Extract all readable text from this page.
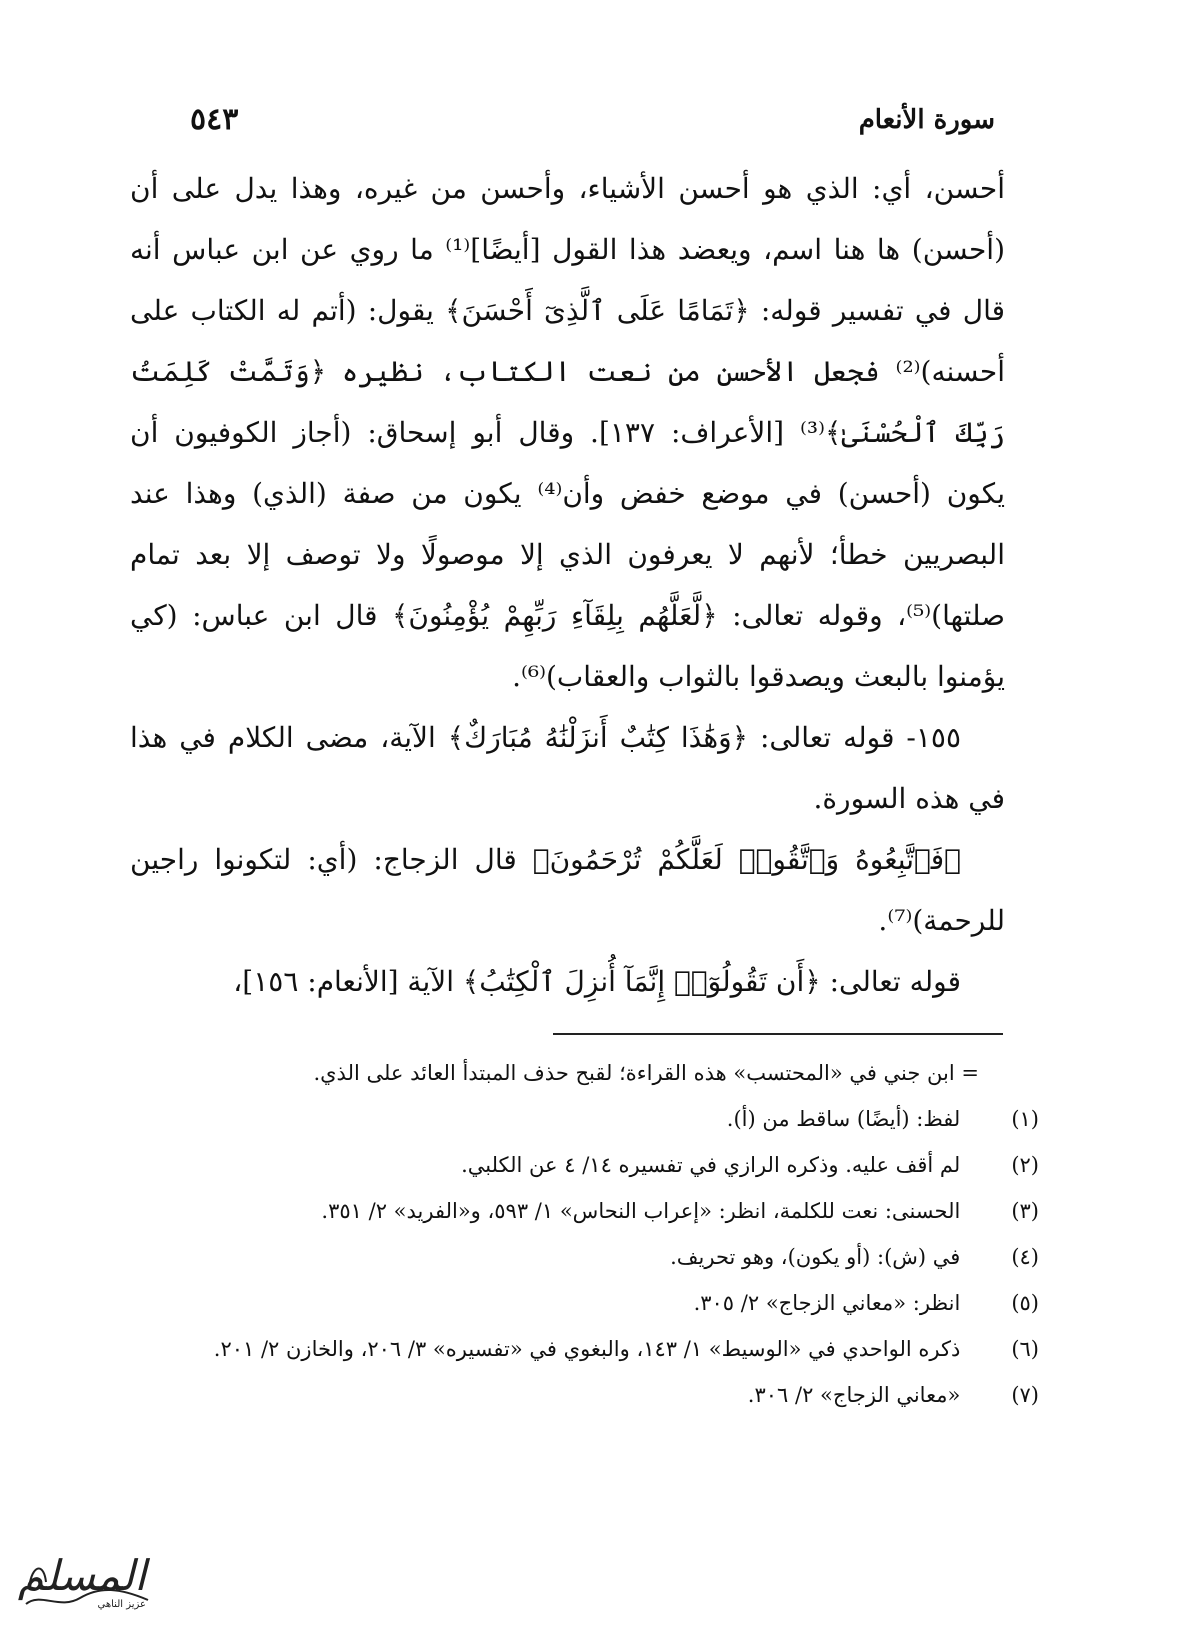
سورة الأنعام
٥٤٣

أحسن، أي: الذي هو أحسن الأشياء، وأحسن من غيره، وهذا يدل على أن (أحسن) ها هنا اسم، ويعضد هذا القول [أيضًا]⁽¹⁾ ما روي عن ابن عباس أنه قال في تفسير قوله: ﴿تَمَامًا عَلَى ٱلَّذِىٓ أَحْسَنَ﴾ يقول: (أتم له الكتاب على أحسنه)⁽²⁾ فجعل الأحسن من نعت الكتاب، نظيره ﴿وَتَمَّتْ كَلِمَتُ رَبِّكَ ٱلْحُسْنَىٰ﴾⁽³⁾ [الأعراف: ١٣٧]. وقال أبو إسحاق: (أجاز الكوفيون أن يكون (أحسن) في موضع خفض وأن⁽⁴⁾ يكون من صفة (الذي) وهذا عند البصريين خطأ؛ لأنهم لا يعرفون الذي إلا موصولًا ولا توصف إلا بعد تمام صلتها)⁽⁵⁾، وقوله تعالى: ﴿لَّعَلَّهُم بِلِقَآءِ رَبِّهِمْ يُؤْمِنُونَ﴾ قال ابن عباس: (كي يؤمنوا بالبعث ويصدقوا بالثواب والعقاب)⁽⁶⁾.

١٥٥- قوله تعالى: ﴿وَهَٰذَا كِتَٰبٌ أَنزَلْنَٰهُ مُبَارَكٌ﴾ الآية، مضى الكلام في هذا في هذه السورة.

﴿فَٱتَّبِعُوهُ وَٱتَّقُوا۟ لَعَلَّكُمْ تُرْحَمُونَ﴾ قال الزجاج: (أي: لتكونوا راجين للرحمة)⁽⁷⁾.

قوله تعالى: ﴿أَن تَقُولُوٓا۟ إِنَّمَآ أُنزِلَ ٱلْكِتَٰبُ﴾ الآية [الأنعام: ١٥٦]،

= ابن جني في «المحتسب» هذه القراءة؛ لقبح حذف المبتدأ العائد على الذي.

(١) لفظ: (أيضًا) ساقط من (أ).

(٢) لم أقف عليه. وذكره الرازي في تفسيره ١٤/ ٤ عن الكلبي.

(٣) الحسنى: نعت للكلمة، انظر: «إعراب النحاس» ١/ ٥٩٣، و«الفريد» ٢/ ٣٥١.

(٤) في (ش): (أو يكون)، وهو تحريف.

(٥) انظر: «معاني الزجاج» ٢/ ٣٠٥.

(٦) ذكره الواحدي في «الوسيط» ١/ ١٤٣، والبغوي في «تفسيره» ٣/ ٢٠٦، والخازن ٢/ ٢٠١.

(٧) «معاني الزجاج» ٢/ ٣٠٦.

المسلم
عزيز الناهي
